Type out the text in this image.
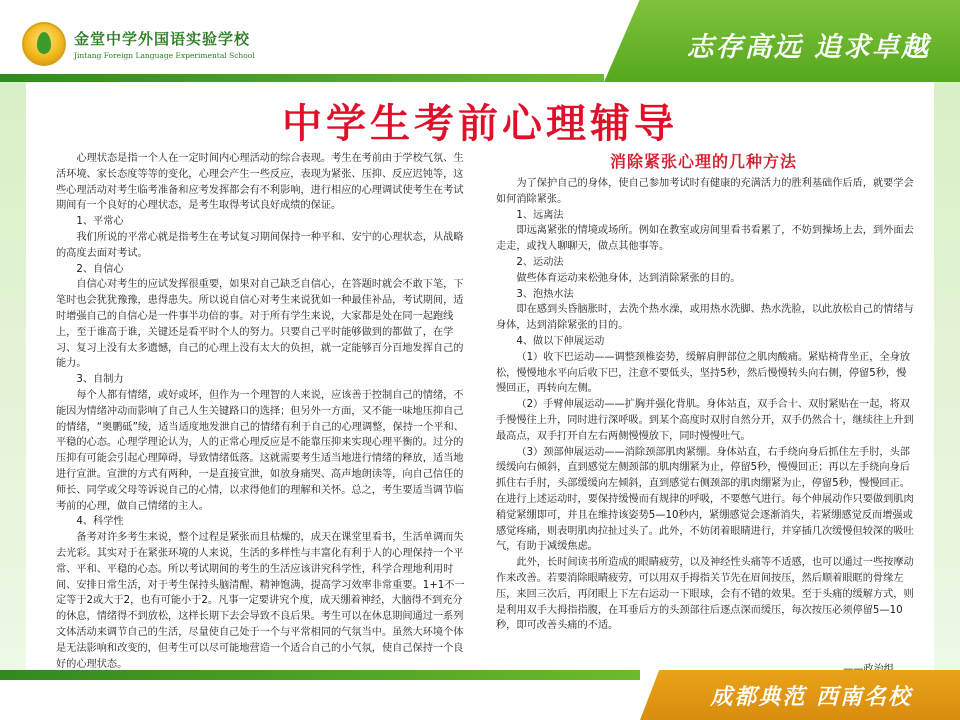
金堂中学外国语实验学校
Jintang Foreign Language Experimental School	志存高远 追求卓越
中学生考前心理辅导

心理状态是指一个人在一定时间内心理活动的综合表现。考生在考前由于学校气氛、生活环境、家长态度等等的变化，心理会产生一些反应，表现为紧张、压抑、反应迟钝等，这些心理活动对考生临考准备和应考发挥都会有不利影响，进行相应的心理调试使考生在考试期间有一个良好的心理状态，是考生取得考试良好成绩的保证。

1、平常心

我们所说的平常心就是指考生在考试复习期间保持一种平和、安宁的心理状态，从战略的高度去面对考试。

2、自信心

自信心对考生的应试发挥很重要，如果对自己缺乏自信心，在答题时就会不敢下笔，下笔时也会犹犹豫豫，患得患失。所以说自信心对考生来说犹如一种最佳补品，考试期间，适时增强自己的自信心是一件事半功倍的事。对于所有学生来说，大家都是处在同一起跑线上，至于谁高于谁，关键还是看平时个人的努力。只要自己平时能够做到的都做了，在学习、复习上没有太多遗憾，自己的心理上没有太大的负担，就一定能够百分百地发挥自己的能力。

3、自制力

每个人都有情绪，或好或坏，但作为一个理智的人来说，应该善于控制自己的情绪，不能因为情绪冲动而影响了自己人生关键路口的选择；但另外一方面，又不能一味地压抑自己的情绪，“奥鹏砥”绫，适当适度地发泄自己的情绪有利于自己的心理调整，保持一个平和、平稳的心态。心理学理论认为，人的正常心理反应是不能靠压抑来实现心理平衡的。过分的压抑有可能会引起心理障碍，导致情绪低落。这就需要考生适当地进行情绪的释放，适当地进行宣泄。宣泄的方式有两种，一是直接宣泄，如放身痛哭、高声地朗读等，向自己信任的师长、同学或父母等诉说自己的心情，以求得他们的理解和关怀。总之，考生要适当调节临考前的心理，做自己情绪的主人。

4、科学性

备考对许多考生来说，整个过程是紧张而且枯燥的，成天在课堂里看书，生活单调而失去光彩。其实对于在紧张环境的人来说，生活的多样性与丰富化有利于人的心理保持一个平常、平和、平稳的心态。所以考试期间的考生的生活应该讲究科学性，科学合理地利用时间、安排日常生活，对于考生保持头脑清醒、精神饱满，提高学习效率非常重要。1+1不一定等于2或大于2，也有可能小于2。凡事一定要讲究个度，成天绷着神经，大脑得不到充分的休息，情绪得不到放松，这样长期下去会导致不良后果。考生可以在休息期间通过一系列文体活动来调节自己的生活，尽量使自己处于一个与平常相同的气氛当中。虽然大环境个体是无法影响和改变的，但考生可以尽可能地营造一个适合自己的小气氛，使自己保持一个良好的心理状态。

消除紧张心理的几种方法

为了保护自己的身体，使自己参加考试时有健康的充满活力的胜利基础作后盾，就要学会如何消除紧张。

1、远离法

即远离紧张的情境或场所。例如在教室或房间里看书看累了，不妨到操场上去，到外面去走走，或找人聊聊天，做点其他事等。

2、运动法

做些体育运动来松弛身体，达到消除紧张的目的。

3、泡热水法

即在感到头昏脑胀时，去洗个热水澡，或用热水洗脚、热水洗脸，以此放松自己的情绪与身体，达到消除紧张的目的。

4、做以下伸展运动

（1）收下巴运动——调整颈椎姿势，缓解肩胛部位之肌肉酸痛。紧贴椅背坐正，全身放松，慢慢地水平向后收下巴，注意不要低头，坚持5秒，然后慢慢转头向右侧，停留5秒，慢慢回正，再转向左侧。

（2）手臂伸展运动——扩胸并强化背肌。身体站直，双手合十、双肘紧贴在一起，将双手慢慢往上升，同时进行深呼吸。到某个高度时双肘自然分开，双手仍然合十，继续往上升到最高点，双手打开自左右两侧慢慢放下，同时慢慢吐气。

（3）颈部伸展运动——消除颈部肌肉紧绷。身体站直，右手绕向身后抓住左手肘，头部缓缓向右倾斜，直到感觉左侧颈部的肌肉绷紧为止，停留5秒，慢慢回正；再以左手绕向身后抓住右手肘，头部缓缓向左倾斜，直到感觉右侧颈部的肌肉绷紧为止，停留5秒，慢慢回正。在进行上述运动时，要保持缓慢而有规律的呼吸，不要憋气进行。每个伸展动作只要做到肌肉稍觉紧绷即可，并且在维持该姿势5—10秒内，紧绷感觉会逐渐消失，若紧绷感觉反而增强或感觉疼痛，则表明肌肉拉扯过头了。此外，不妨闭着眼睛进行，并穿插几次缓慢但较深的吸吐气，有助于减缓焦虑。

此外，长时间读书所造成的眼睛疲劳，以及神经性头痛等不适感，也可以通过一些按摩动作来改善。若要消除眼睛疲劳，可以用双手拇指关节先在眉间按压，然后顺着眼眶的骨缘左压，来回三次后，再闭眼上下左右运动一下眼球，会有不错的效果。至于头痛的缓解方式，则是利用双手大拇指指腹，在耳垂后方的头颈部往后逐点深而缓压，每次按压必须停留5—10秒，即可改善头痛的不适。

成都典范 西南名校
